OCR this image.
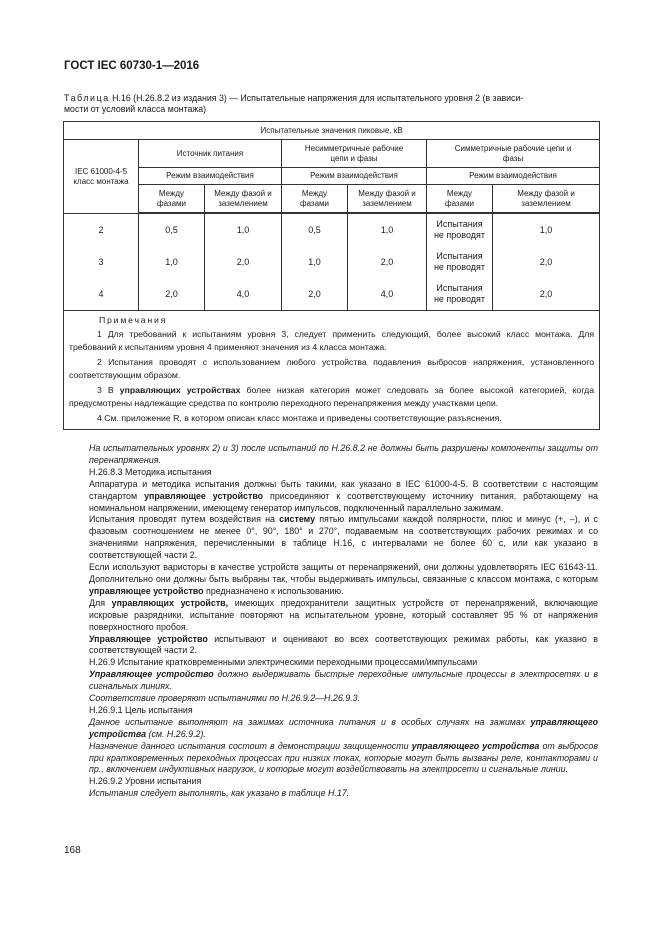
ГОСТ IEC 60730-1—2016
Таблица Н.16 (Н.26.8.2 из издания 3) — Испытательные напряжения для испытательного уровня 2 (в зависи-
мости от условий класса монтажа)
Испытательные значения пиковые, кВ						
IEC 61000-4-5 класс монтажа	Источник питания		Несимметричные рабочие цепи и фазы		Симметричные рабочие цепи и фазы	
	Режим взаимодействия		Режим взаимодействия		Режим взаимодействия	
	Между фазами	Между фазой и заземлением	Между фазами	Между фазой и заземлением	Между фазами	Между фазой и заземлением

2	0,5	1,0	0,5	1,0	Испытания не проводят	1,0
3	1,0	2,0	1,0	2,0	Испытания не проводят	2,0
4	2,0	4,0	2,0	4,0	Испытания не проводят	2,0

Примечания

1 Для требований к испытаниям уровня 3, следует применить следующий, более высокий класс монтажа. Для требований к испытаниям уровня 4 применяют значения из 4 класса монтажа.

2 Испытания проводят с использованием любого устройства подавления выбросов напряжения, установленного соответствующим образом.

3 В управляющих устройствах более низкая категория может следовать за более высокой категорией, когда предусмотрены надлежащие средства по контролю переходного перенапряжения между участками цепи.

4 См. приложение R, в котором описан класс монтажа и приведены соответствующие разъяснения.						

На испытательных уровнях 2) и 3) после испытаний по Н.26.8.2 не должны быть разрушены компоненты защиты от перенапряжения.

Н.26.8.3 Методика испытания

Аппаратура и методика испытания должны быть такими, как указано в IEC 61000-4-5. В соответствии с настоящим стандартом управляющее устройство присоединяют к соответствующему источнику питания, работающему на номинальном напряжении, имеющему генератор импульсов, подключенный параллельно зажимам.

Испытания проводят путем воздействия на систему пятью импульсами каждой полярности, плюс и минус (+, –), и с фазовым соотношением не менее 0°, 90°, 180° и 270°, подаваемым на соответствующих рабочих режимах и со значениями напряжения, перечисленными в таблице Н.16, с интервалами не более 60 с, или как указано в соответствующей части 2.

Если используют варисторы в качестве устройств защиты от перенапряжений, они должны удовлетворять IEC 61643-11. Дополнительно они должны быть выбраны так, чтобы выдерживать импульсы, связанные с классом монтажа, с которым управляющее устройство предназначено к использованию.

Для управляющих устройств, имеющих предохранители защитных устройств от перенапряжений, включающие искровые разрядники, испытание повторяют на испытательном уровне, который составляет 95 % от напряжения поверхностного пробоя.

Управляющее устройство испытывают и оценивают во всех соответствующих режимах работы, как указано в соответствующей части 2.

Н.26.9 Испытание кратковременными электрическими переходными процессами/импульсами

Управляющее устройство должно выдерживать быстрые переходные импульсные процессы в электросетях и в сигнальных линиях.

Соответствие проверяют испытаниями по Н.26.9.2—Н.26.9.3.

Н.26.9.1 Цель испытания

Данное испытание выполняют на зажимах источника питания и в особых случаях на зажимах управляющего устройства (см. Н.26.9.2).

Назначение данного испытания состоит в демонстрации защищенности управляющего устройства от выбросов при кратковременных переходных процессах при низких токах, которые могут быть вызваны реле, контакторами и пр., включением индуктивных нагрузок, и которые могут воздействовать на электросети и сигнальные линии.

Н.26.9.2 Уровни испытания

Испытания следует выполнять, как указано в таблице Н.17.

168
